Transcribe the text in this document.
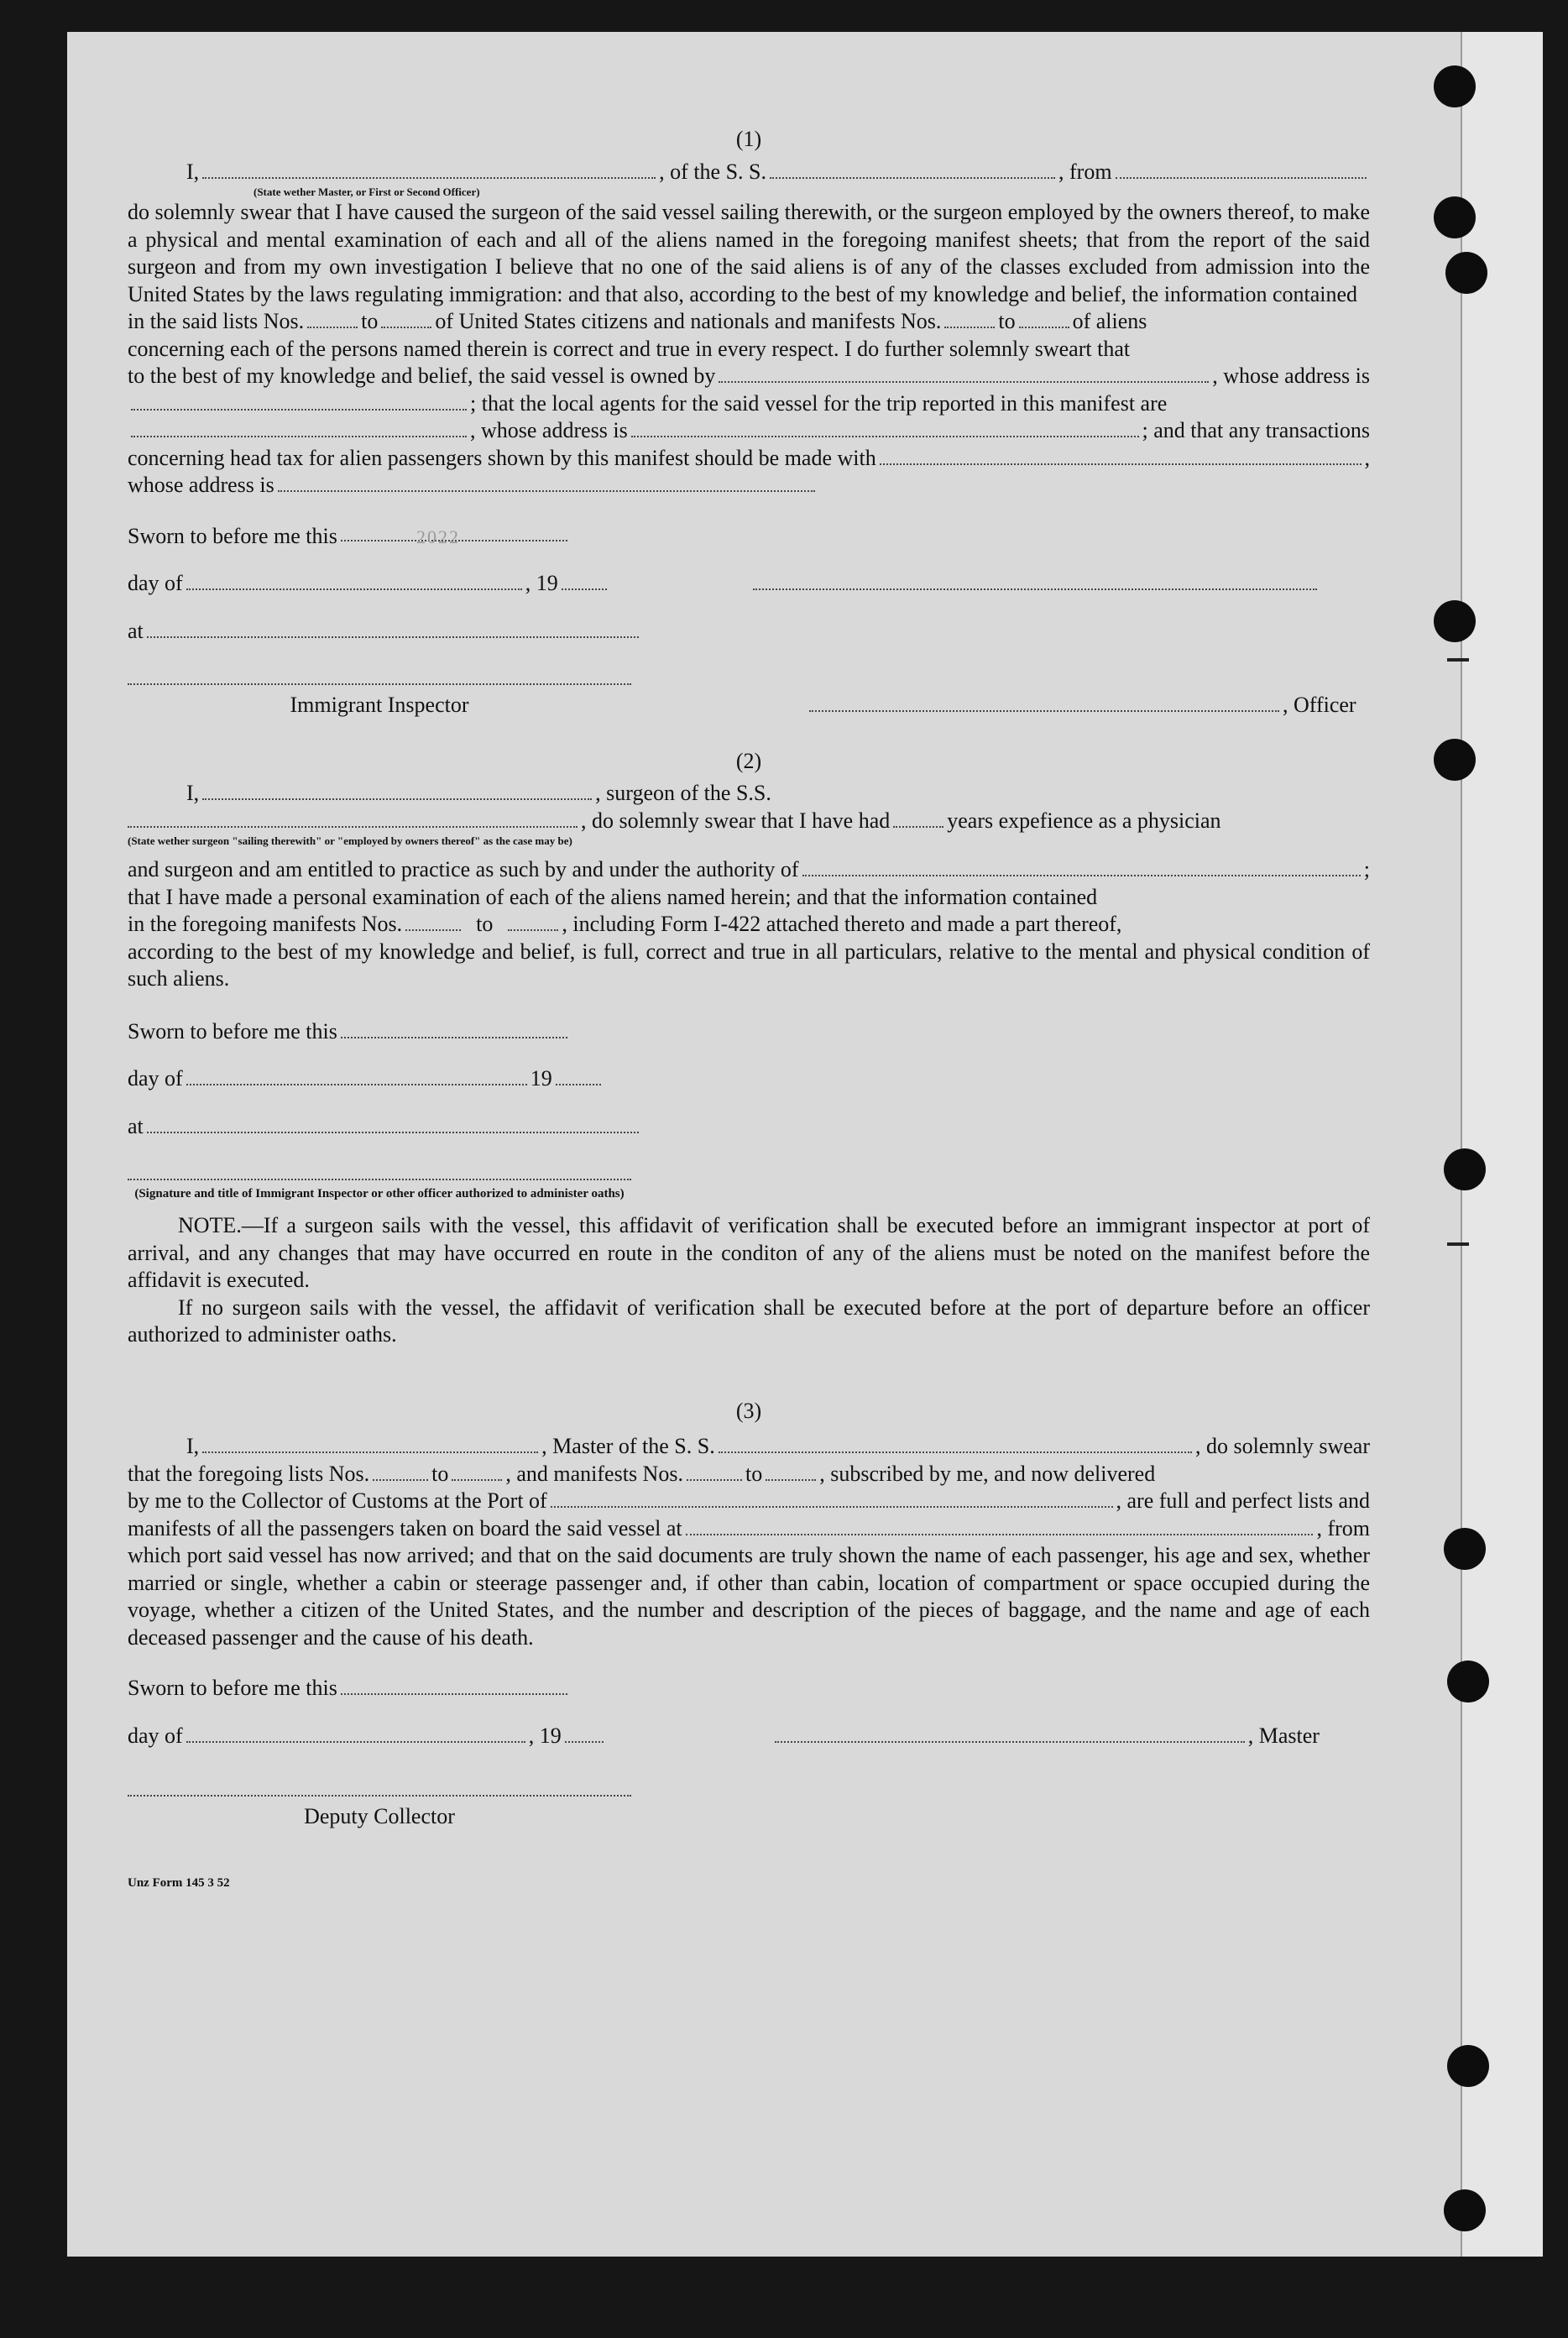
(1)
I,	, of the S. S.	, from
(State wether Master, or First or Second Officer)

do solemnly swear that I have caused the surgeon of the said vessel sailing therewith, or the surgeon employed by the owners thereof, to make a physical and mental examination of each and all of the aliens named in the foregoing manifest sheets; that from the report of the said surgeon and from my own investigation I believe that no one of the said aliens is of any of the classes excluded from admission into the United States by the laws regulating immigration: and that also, according to the best of my knowledge and belief, the information contained

in the said lists Nos.	to	of United States citizens and nationals and manifests Nos.	to	of aliens

concerning each of the persons named therein is correct and true in every respect. I do further solemnly sweart that

to the best of my knowledge and belief, the said vessel is owned by	, whose address is
; that the local agents for the said vessel for the trip reported in this manifest are
, whose address is	; and that any transactions
concerning head tax for alien passengers shown by this manifest should be made with	,
whose address is
Sworn to before me this	2022
day of	, 19
at
Immigrant Inspector	, Officer
(2)
I,	, surgeon of the S.S.
, do solemnly swear that I have had	years expefience as a physician
(State wether surgeon "sailing therewith" or "employed by owners thereof" as the case may be)
and surgeon and am entitled to practice as such by and under the authority of	;

that I have made a personal examination of each of the aliens named herein; and that the information contained

in the foregoing manifests Nos.	to	, including Form I-422 attached thereto and made a part thereof,

according to the best of my knowledge and belief, is full, correct and true in all particulars, relative to the mental and physical condition of such aliens.

Sworn to before me this
day of	19
at
(Signature and title of Immigrant Inspector or other officer authorized to administer oaths)

NOTE.—If a surgeon sails with the vessel, this affidavit of verification shall be executed before an immigrant inspector at port of arrival, and any changes that may have occurred en route in the conditon of any of the aliens must be noted on the manifest before the affidavit is executed.

If no surgeon sails with the vessel, the affidavit of verification shall be executed before at the port of departure before an officer authorized to administer oaths.

(3)
I,	, Master of the S. S.	, do solemnly swear
that the foregoing lists Nos.	to	, and manifests Nos.	to	, subscribed by me, and now delivered
by me to the Collector of Customs at the Port of	, are full and perfect lists and
manifests of all the passengers taken on board the said vessel at	, from

which port said vessel has now arrived; and that on the said documents are truly shown the name of each passenger, his age and sex, whether married or single, whether a cabin or steerage passenger and, if other than cabin, location of compartment or space occupied during the voyage, whether a citizen of the United States, and the number and description of the pieces of baggage, and the name and age of each deceased passenger and the cause of his death.

Sworn to before me this
day of	, 19	, Master
Deputy Collector
Unz Form 145 3 52
